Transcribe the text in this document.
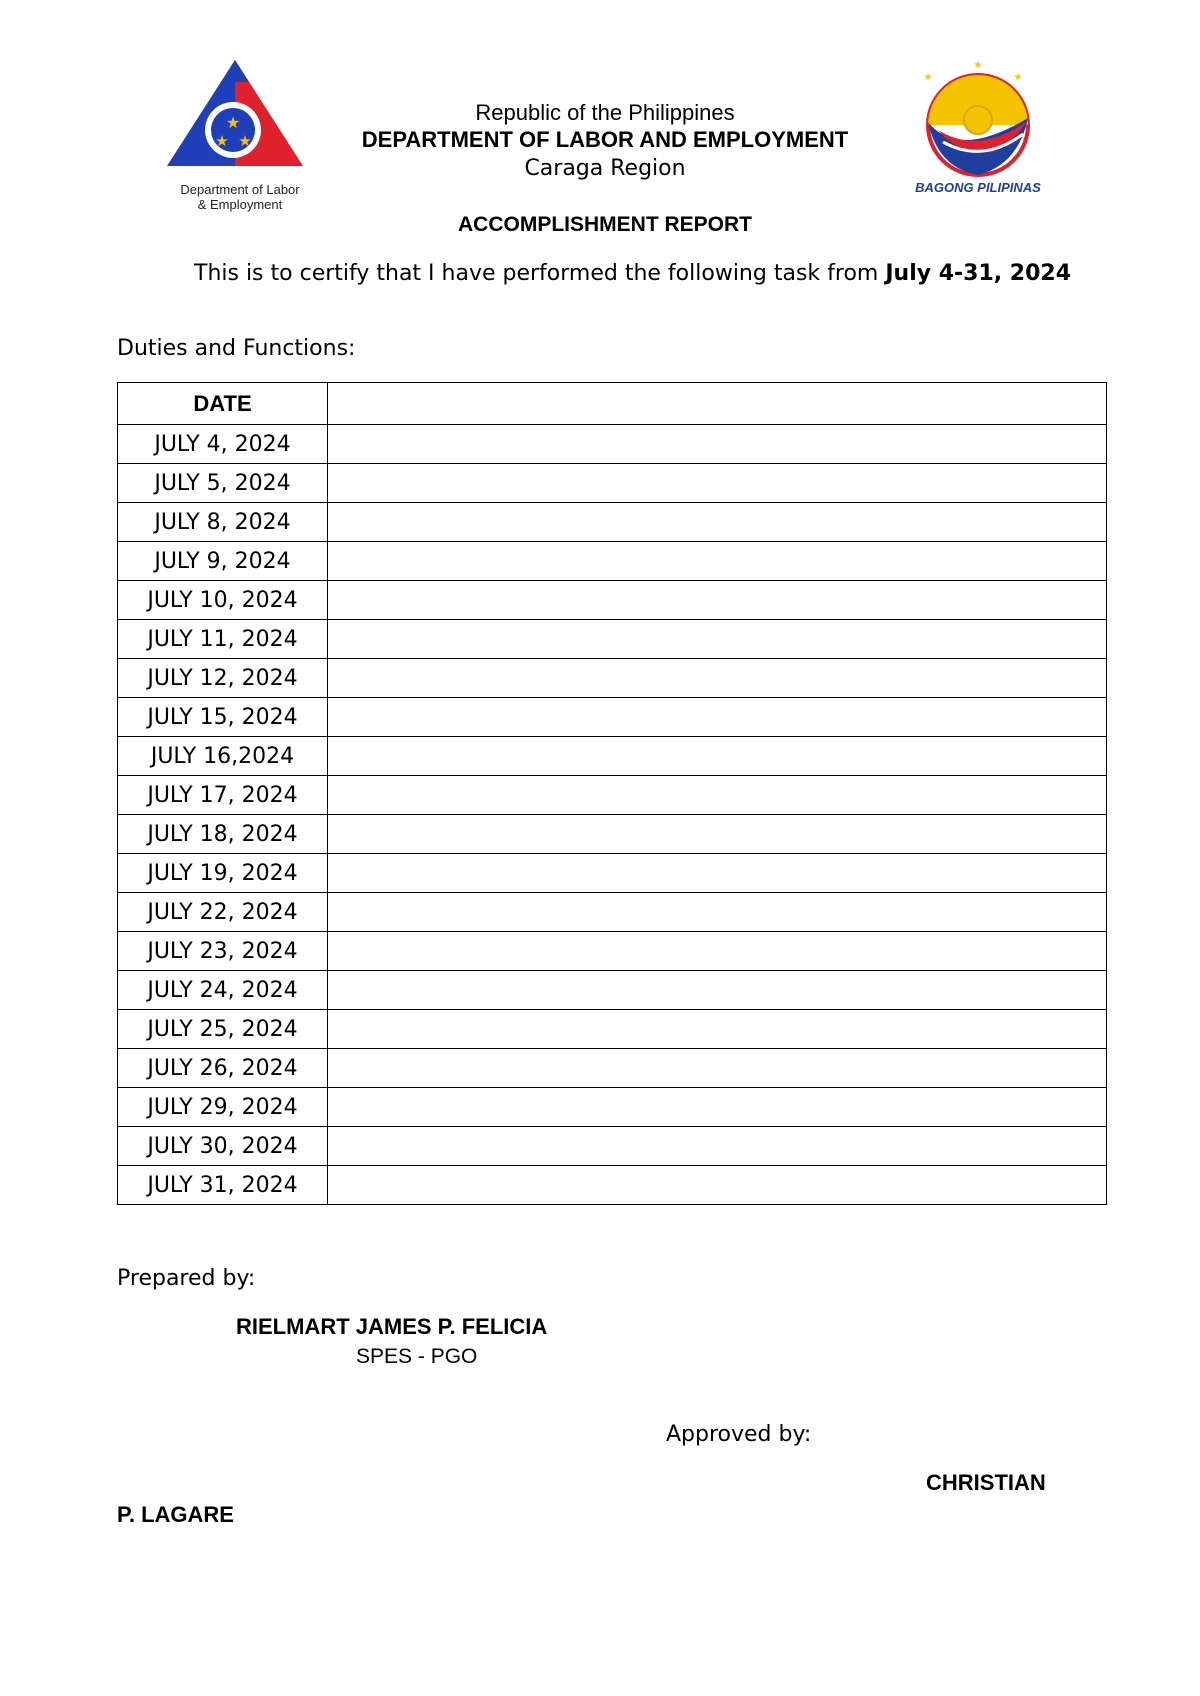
★
★ ★
Department of Labor
& Employment
★
★	★
BAGONG PILIPINAS
Republic of the Philippines
DEPARTMENT OF LABOR AND EMPLOYMENT
Caraga Region
ACCOMPLISHMENT REPORT
This is to certify that I have performed the following task from July 4-31, 2024
Duties and Functions:
DATE	
JULY 4, 2024	
JULY 5, 2024	
JULY 8, 2024	
JULY 9, 2024	
JULY 10, 2024	
JULY 11, 2024	
JULY 12, 2024	
JULY 15, 2024	
JULY 16,2024	
JULY 17, 2024	
JULY 18, 2024	
JULY 19, 2024	
JULY 22, 2024	
JULY 23, 2024	
JULY 24, 2024	
JULY 25, 2024	
JULY 26, 2024	
JULY 29, 2024	
JULY 30, 2024	
JULY 31, 2024	
Prepared by:
RIELMART JAMES P. FELICIA
SPES - PGO
Approved by:
CHRISTIAN
P. LAGARE
